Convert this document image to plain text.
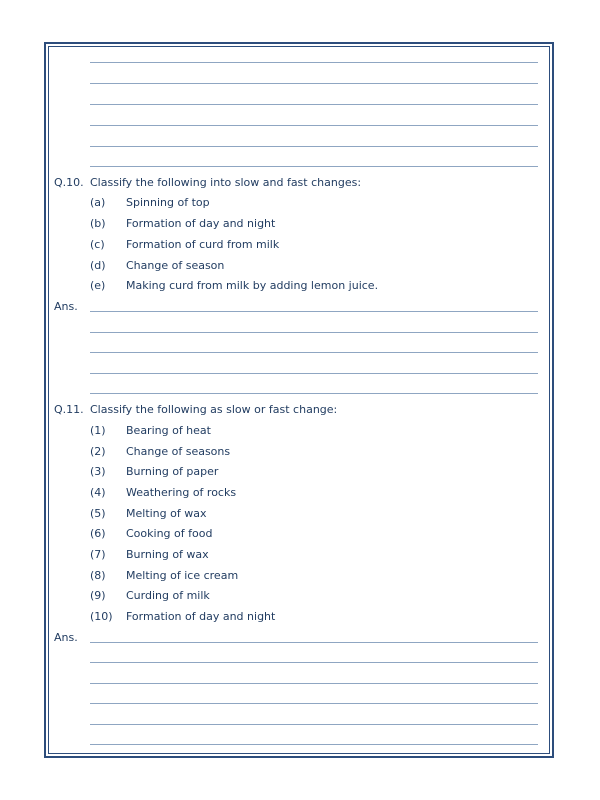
Q.10. Classify the following into slow and fast changes:
(a) Spinning of top
(b) Formation of day and night
(c) Formation of curd from milk
(d) Change of season
(e) Making curd from milk by adding lemon juice.
Ans.
Q.11. Classify the following as slow or fast change:
(1) Bearing of heat
(2) Change of seasons
(3) Burning of paper
(4) Weathering of rocks
(5) Melting of wax
(6) Cooking of food
(7) Burning of wax
(8) Melting of ice cream
(9) Curding of milk
(10) Formation of day and night
Ans.
